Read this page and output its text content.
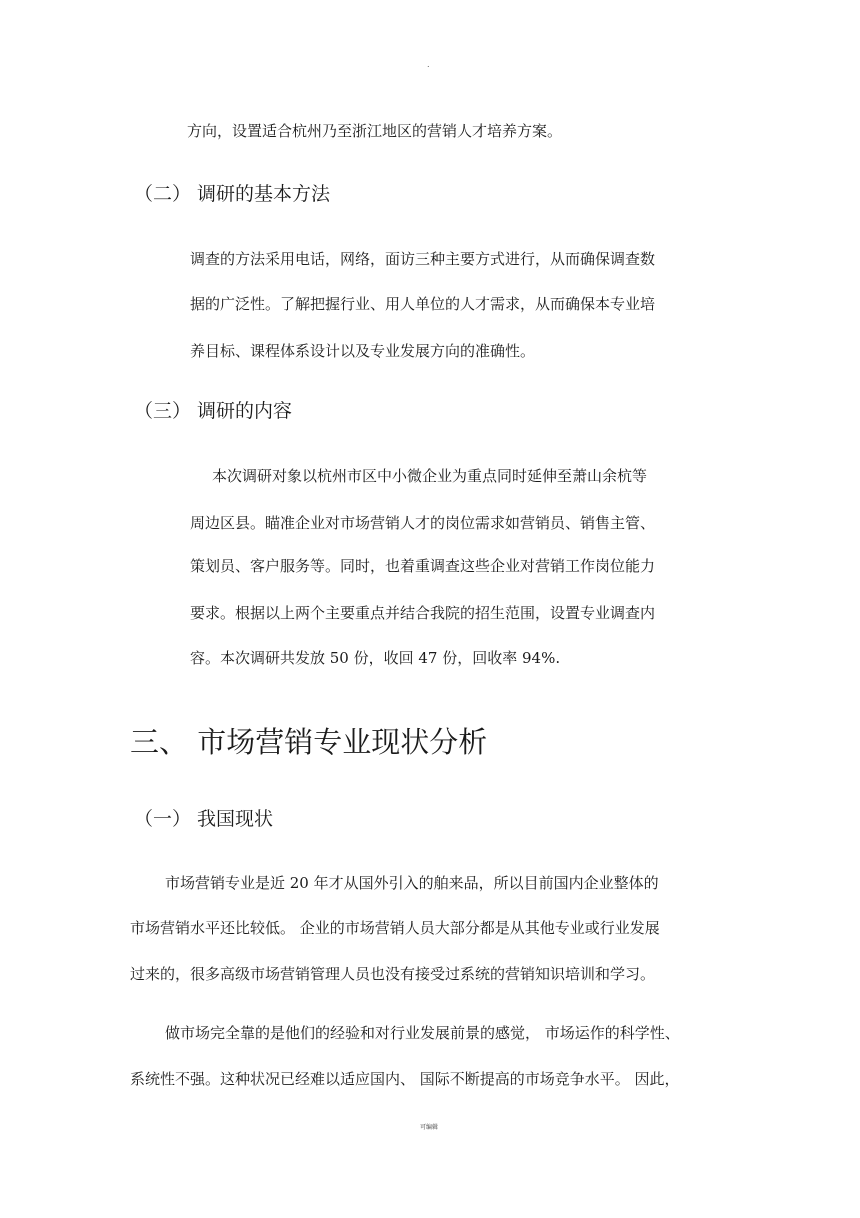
.
方向，设置适合杭州乃至浙江地区的营销人才培养方案。
（二） 调研的基本方法
调查的方法采用电话，网络，面访三种主要方式进行，从而确保调查数
据的广泛性。了解把握行业、用人单位的人才需求，从而确保本专业培
养目标、课程体系设计以及专业发展方向的准确性。
（三） 调研的内容
本次调研对象以杭州市区中小微企业为重点同时延伸至萧山余杭等
周边区县。瞄准企业对市场营销人才的岗位需求如营销员、销售主管、
策划员、客户服务等。同时，也着重调查这些企业对营销工作岗位能力
要求。根据以上两个主要重点并结合我院的招生范围，设置专业调查内
容。本次调研共发放 50 份，收回 47 份，回收率 94%.
三、 市场营销专业现状分析
（一） 我国现状
市场营销专业是近 20 年才从国外引入的舶来品，所以目前国内企业整体的
市场营销水平还比较低。 企业的市场营销人员大部分都是从其他专业或行业发展
过来的，很多高级市场营销管理人员也没有接受过系统的营销知识培训和学习。
做市场完全靠的是他们的经验和对行业发展前景的感觉， 市场运作的科学性、
系统性不强。这种状况已经难以适应国内、 国际不断提高的市场竞争水平。 因此，
可编辑
